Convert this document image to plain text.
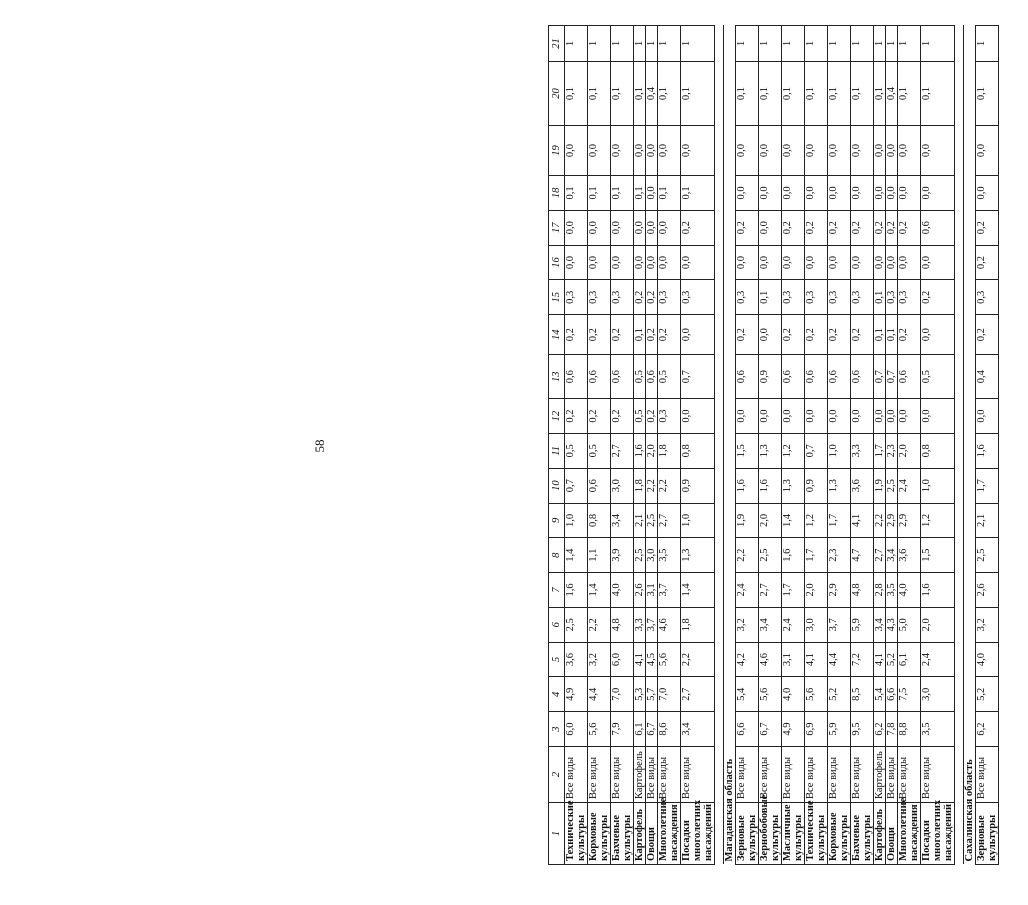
58
1	2	3	4	5	6	7	8	9	10	11	12	13	14	15	16	17	18	19	20	21
Технические культуры	Все виды	6,0	4,9	3,6	2,5	1,6	1,4	1,0	0,7	0,5	0,2	0,6	0,2	0,3	0,0	0,0	0,1	0,0	0,1	1
Кормовые культуры	Все виды	5,6	4,4	3,2	2,2	1,4	1,1	0,8	0,6	0,5	0,2	0,6	0,2	0,3	0,0	0,0	0,1	0,0	0,1	1
Бахчевые культуры	Все виды	7,9	7,0	6,0	4,8	4,0	3,9	3,4	3,0	2,7	0,2	0,6	0,2	0,3	0,0	0,0	0,1	0,0	0,1	1
Картофель	Картофель	6,1	5,3	4,1	3,3	2,6	2,5	2,1	1,8	1,6	0,5	0,5	0,1	0,2	0,0	0,0	0,1	0,0	0,1	1
Овощи	Все виды	6,7	5,7	4,5	3,7	3,1	3,0	2,5	2,2	2,0	0,2	0,6	0,2	0,2	0,0	0,0	0,0	0,0	0,4	1
Многолетние насаждения	Все виды	8,6	7,0	5,6	4,6	3,7	3,5	2,7	2,2	1,8	0,3	0,5	0,2	0,3	0,0	0,0	0,1	0,0	0,1	1
Посадки многолетних насаждений	Все виды	3,4	2,7	2,2	1,8	1,4	1,3	1,0	0,9	0,8	0,0	0,7	0,0	0,3	0,0	0,2	0,1	0,0	0,1	1

Магаданская область																				
Зерновые культуры	Все виды	6,6	5,4	4,2	3,2	2,4	2,2	1,9	1,6	1,5	0,0	0,6	0,2	0,3	0,0	0,2	0,0	0,0	0,1	1
Зернобобовые культуры	Все виды	6,7	5,6	4,6	3,4	2,7	2,5	2,0	1,6	1,3	0,0	0,9	0,0	0,1	0,0	0,0	0,0	0,0	0,1	1
Масличные культуры	Все виды	4,9	4,0	3,1	2,4	1,7	1,6	1,4	1,3	1,2	0,0	0,6	0,2	0,3	0,0	0,2	0,0	0,0	0,1	1
Технические культуры	Все виды	6,9	5,6	4,1	3,0	2,0	1,7	1,2	0,9	0,7	0,0	0,6	0,2	0,3	0,0	0,2	0,0	0,0	0,1	1
Кормовые культуры	Все виды	5,9	5,2	4,4	3,7	2,9	2,3	1,7	1,3	1,0	0,0	0,6	0,2	0,3	0,0	0,2	0,0	0,0	0,1	1
Бахчевые культуры	Все виды	9,5	8,5	7,2	5,9	4,8	4,7	4,1	3,6	3,3	0,0	0,6	0,2	0,3	0,0	0,2	0,0	0,0	0,1	1
Картофель	Картофель	6,2	5,4	4,1	3,4	2,8	2,7	2,2	1,9	1,7	0,0	0,7	0,1	0,1	0,0	0,2	0,0	0,0	0,1	1
Овощи	Все виды	7,8	6,6	5,2	4,3	3,5	3,4	2,9	2,5	2,3	0,0	0,7	0,1	0,3	0,0	0,2	0,0	0,0	0,4	1
Многолетние насаждения	Все виды	8,8	7,5	6,1	5,0	4,0	3,6	2,9	2,4	2,0	0,0	0,6	0,2	0,3	0,0	0,2	0,0	0,0	0,1	1
Посадки многолетних насаждений	Все виды	3,5	3,0	2,4	2,0	1,6	1,5	1,2	1,0	0,8	0,0	0,5	0,0	0,2	0,0	0,6	0,0	0,0	0,1	1

Сахалинская область																				
Зерновые культуры	Все виды	6,2	5,2	4,0	3,2	2,6	2,5	2,1	1,7	1,6	0,0	0,4	0,2	0,3	0,2	0,2	0,0	0,0	0,1	1
